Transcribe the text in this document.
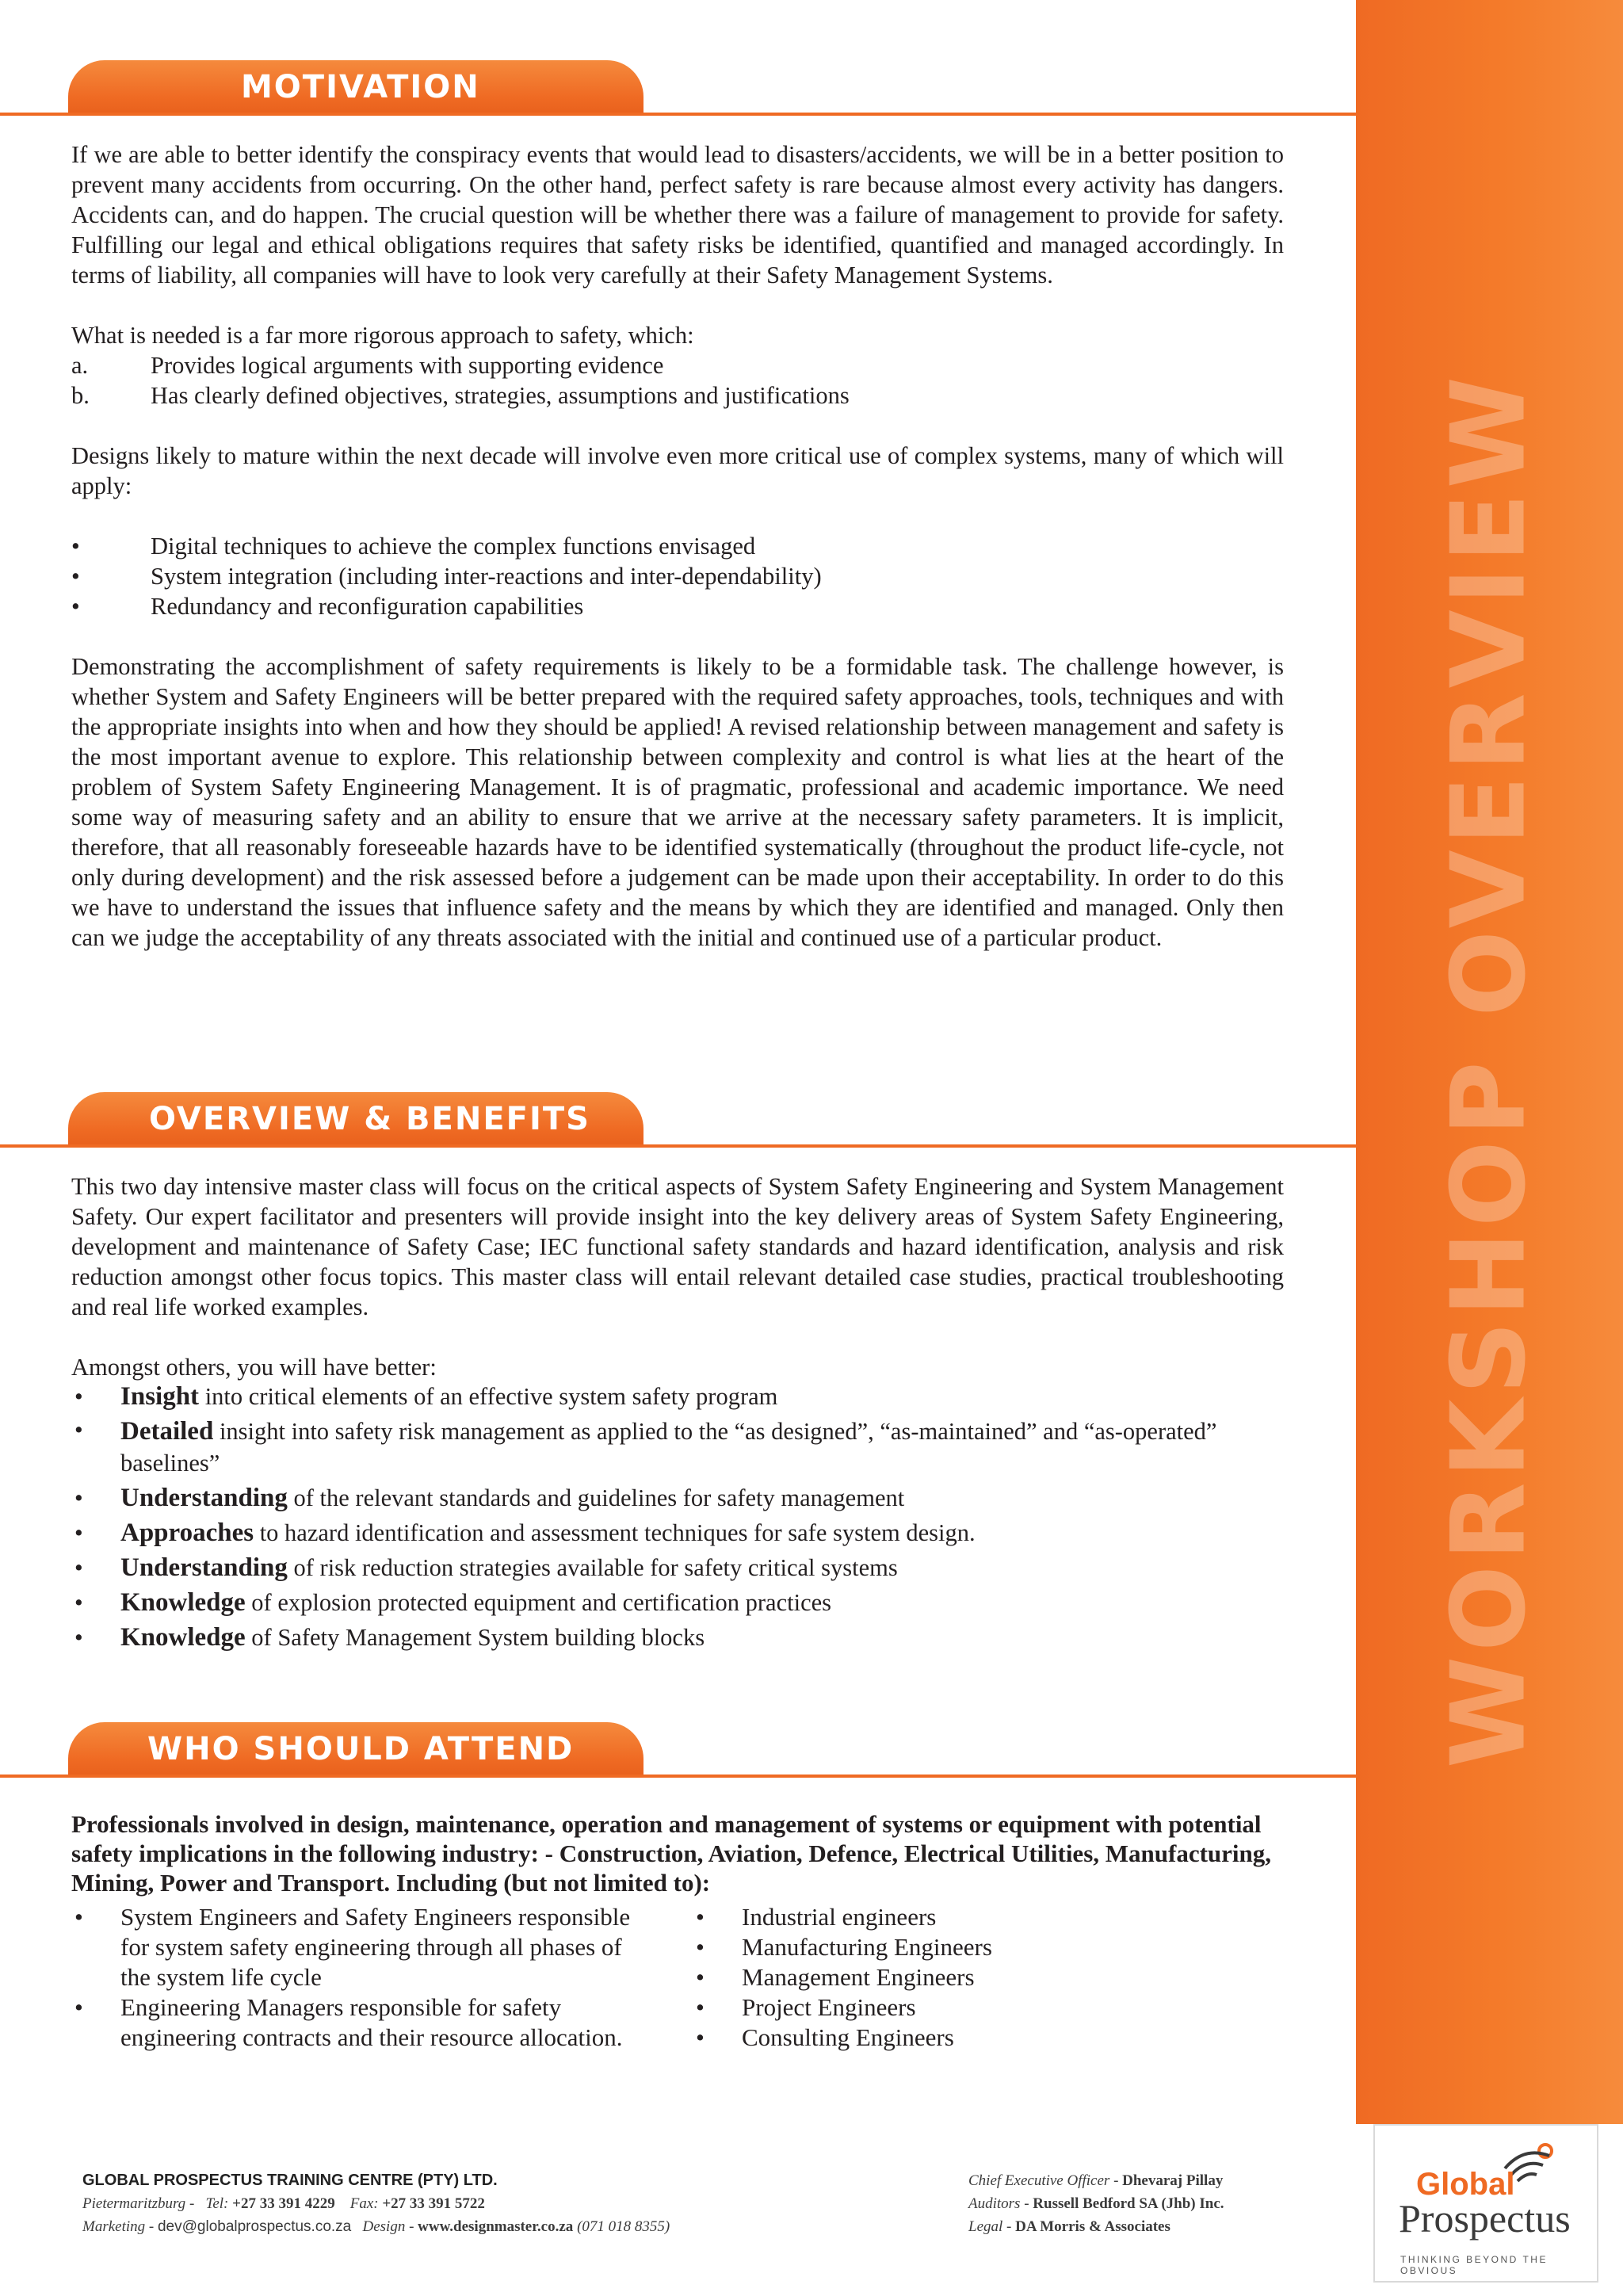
WORKSHOP OVERVIEW
MOTIVATION

If we are able to better identify the conspiracy events that would lead to disasters/accidents, we will be in a better position to prevent many accidents from occurring. On the other hand, perfect safety is rare because almost every activity has dangers. Accidents can, and do happen. The crucial question will be whether there was a failure of management to provide for safety. Fulfilling our legal and ethical obligations requires that safety risks be identified, quantified and managed accordingly. In terms of liability, all companies will have to look very carefully at their Safety Management Systems.

What is needed is a far more rigorous approach to safety, which:

a.	Provides logical arguments with supporting evidence
b.	Has clearly defined objectives, strategies, assumptions and justifications

Designs likely to mature within the next decade will involve even more critical use of complex systems, many of which will apply:

•	Digital techniques to achieve the complex functions envisaged
•	System integration (including inter-reactions and inter-dependability)
•	Redundancy and reconfiguration capabilities

Demonstrating the accomplishment of safety requirements is likely to be a formidable task. The challenge however, is whether System and Safety Engineers will be better prepared with the required safety approaches, tools, techniques and with the appropriate insights into when and how they should be applied! A revised relationship between management and safety is the most important avenue to explore. This relationship between complexity and control is what lies at the heart of the problem of System Safety Engineering Management. It is of pragmatic, professional and academic importance. We need some way of measuring safety and an ability to ensure that we arrive at the necessary safety parameters. It is implicit, therefore, that all reasonably foreseeable hazards have to be identified systematically (throughout the product life-cycle, not only during development) and the risk assessed before a judgement can be made upon their acceptability. In order to do this we have to understand the issues that influence safety and the means by which they are identified and managed. Only then can we judge the acceptability of any threats associated with the initial and continued use of a particular product.

OVERVIEW & BENEFITS

This two day intensive master class will focus on the critical aspects of System Safety Engineering and System Management Safety. Our expert facilitator and presenters will provide insight into the key delivery areas of System Safety Engineering, development and maintenance of Safety Case; IEC functional safety standards and hazard identification, analysis and risk reduction amongst other focus topics. This master class will entail relevant detailed case studies, practical troubleshooting and real life worked examples.

Amongst others, you will have better:

• Insight into critical elements of an effective system safety program
• Detailed insight into safety risk management as applied to the “as designed”, “as-maintained” and “as-operated” baselines”
• Understanding of the relevant standards and guidelines for safety management
• Approaches to hazard identification and assessment techniques for safe system design.
• Understanding of risk reduction strategies available for safety critical systems
• Knowledge of explosion protected equipment and certification practices
• Knowledge of Safety Management System building blocks
WHO SHOULD ATTEND

Professionals involved in design, maintenance, operation and management of systems or equipment with potential safety implications in the following industry: - Construction, Aviation, Defence, Electrical Utilities, Manufacturing, Mining, Power and Transport. Including (but not limited to):

• System Engineers and Safety Engineers responsible for system safety engineering through all phases of the system life cycle
• Engineering Managers responsible for safety engineering contracts and their resource allocation.
• Industrial engineers
• Manufacturing Engineers
• Management Engineers
• Project Engineers
• Consulting Engineers
GLOBAL PROSPECTUS TRAINING CENTRE (PTY) LTD.
Pietermaritzburg - Tel: +27 33 391 4229 Fax: +27 33 391 5722
Marketing - dev@globalprospectus.co.za Design - www.designmaster.co.za (071 018 8355)
Chief Executive Officer - Dhevaraj Pillay
Auditors - Russell Bedford SA (Jhb) Inc.
Legal - DA Morris & Associates
Global
Prospectus
THINKING BEYOND THE OBVIOUS
